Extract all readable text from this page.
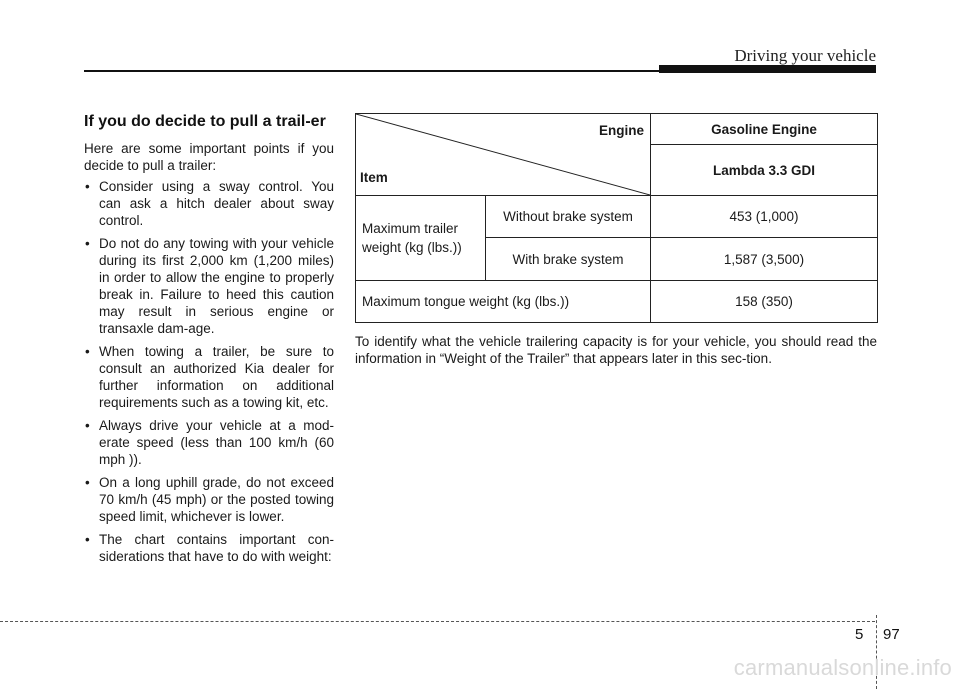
Driving your vehicle
If you do decide to pull a trail-er

Here are some important points if you decide to pull a trailer:

• Consider using a sway control. You can ask a hitch dealer about sway control.
• Do not do any towing with your vehicle during its first 2,000 km (1,200 miles) in order to allow the engine to properly break in. Failure to heed this caution may result in serious engine or transaxle dam-age.
• When towing a trailer, be sure to consult an authorized Kia dealer for further information on additional requirements such as a towing kit, etc.
• Always drive your vehicle at a mod-erate speed (less than 100 km/h (60 mph )).
• On a long uphill grade, do not exceed 70 km/h (45 mph) or the posted towing speed limit, whichever is lower.
• The chart contains important con-siderations that have to do with weight:
Engine
Item		Gasoline Engine
		Lambda 3.3 GDI
Maximum trailer weight (kg (lbs.))	Without brake system	453 (1,000)
	With brake system	1,587 (3,500)
Maximum tongue weight (kg (lbs.))		158 (350)

To identify what the vehicle trailering capacity is for your vehicle, you should read the information in “Weight of the Trailer” that appears later in this sec-tion.

5 97
carmanualsonline.info
